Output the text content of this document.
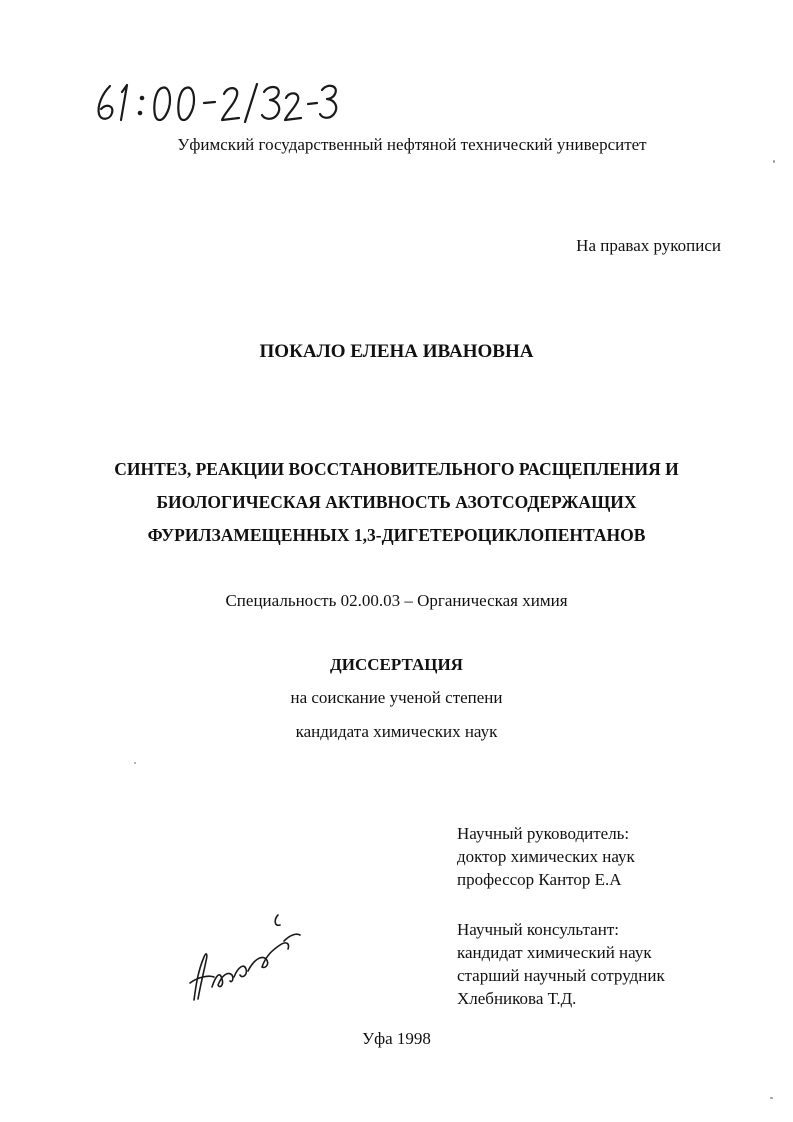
Уфимский государственный нефтяной технический университет
На правах рукописи
ПОКАЛО ЕЛЕНА ИВАНОВНА
СИНТЕЗ, РЕАКЦИИ ВОССТАНОВИТЕЛЬНОГО РАСЩЕПЛЕНИЯ И
БИОЛОГИЧЕСКАЯ АКТИВНОСТЬ АЗОТСОДЕРЖАЩИХ
ФУРИЛЗАМЕЩЕННЫХ 1,3-ДИГЕТЕРОЦИКЛОПЕНТАНОВ
Специальность 02.00.03 – Органическая химия
ДИССЕРТАЦИЯ
на соискание ученой степени
кандидата химических наук
Научный руководитель:
доктор химических наук
профессор Кантор Е.А
Научный консультант:
кандидат химический наук
старший научный сотрудник
Хлебникова Т.Д.
Уфа 1998
